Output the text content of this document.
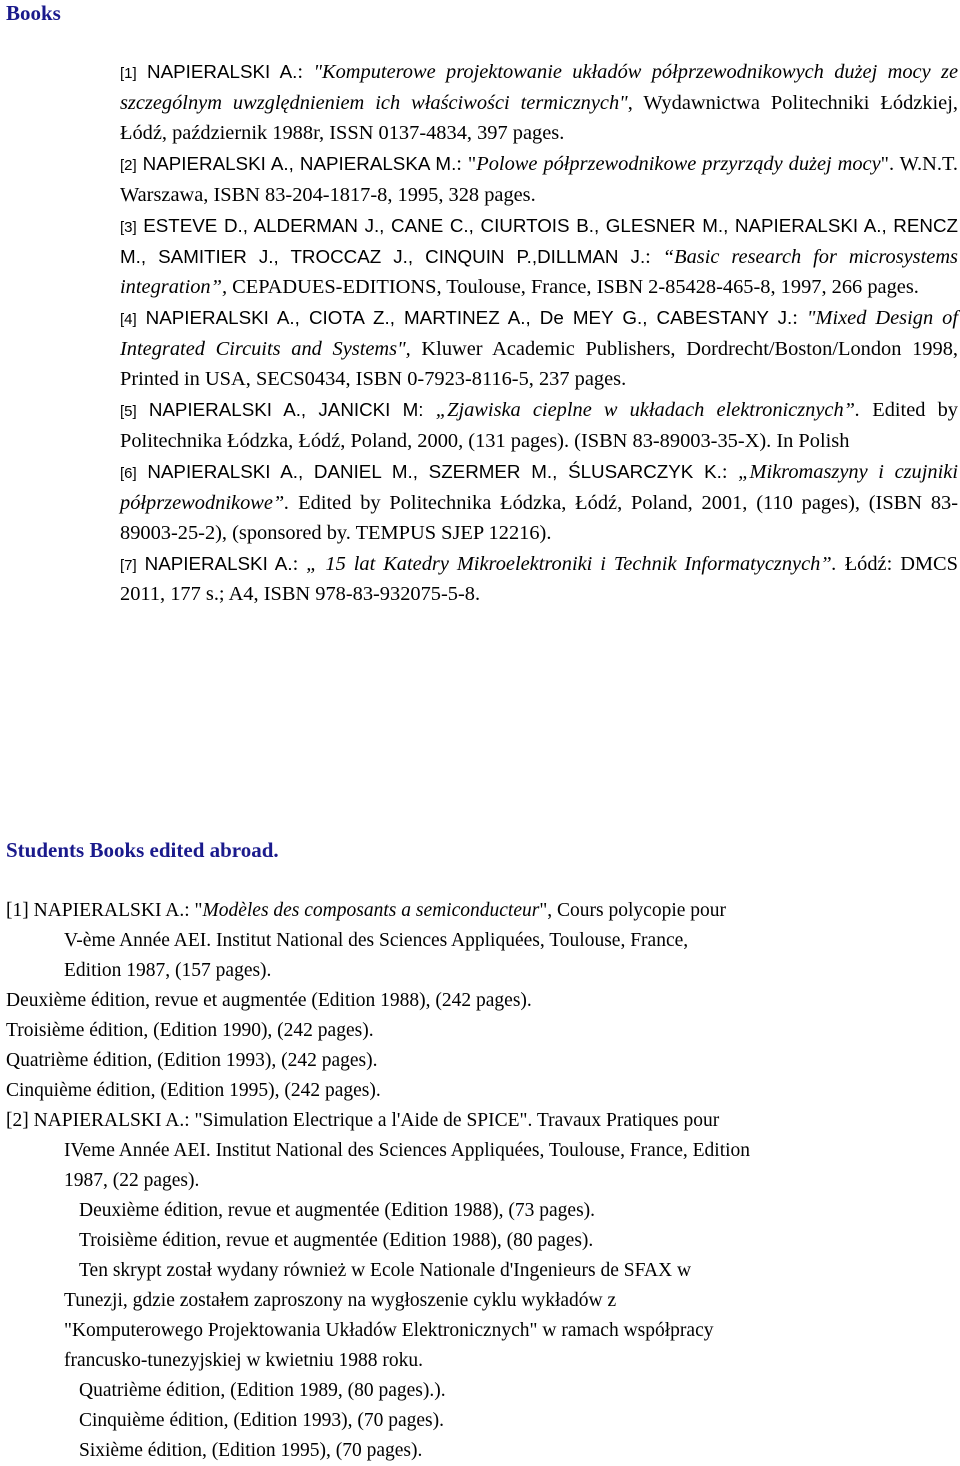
Books

[1] NAPIERALSKI A.: "Komputerowe projektowanie układów półprzewodnikowych dużej mocy ze szczególnym uwzględnieniem ich właściwości termicznych", Wydawnictwa Politechniki Łódzkiej, Łódź, październik 1988r, ISSN 0137-4834, 397 pages.

[2] NAPIERALSKI A., NAPIERALSKA M.: "Polowe półprzewodnikowe przyrządy dużej mocy". W.N.T. Warszawa, ISBN 83-204-1817-8, 1995, 328 pages.

[3] ESTEVE D., ALDERMAN J., CANE C., CIURTOIS B., GLESNER M., NAPIERALSKI A., RENCZ M., SAMITIER J., TROCCAZ J., CINQUIN P.,DILLMAN J.: “Basic research for microsystems integration”, CEPADUES-EDITIONS, Toulouse, France, ISBN 2-85428-465-8, 1997, 266 pages.

[4] NAPIERALSKI A., CIOTA Z., MARTINEZ A., De MEY G., CABESTANY J.: "Mixed Design of Integrated Circuits and Systems", Kluwer Academic Publishers, Dordrecht/Boston/London 1998, Printed in USA, SECS0434, ISBN 0-7923-8116-5, 237 pages.

[5] NAPIERALSKI A., JANICKI M: „Zjawiska cieplne w układach elektronicznych”. Edited by Politechnika Łódzka, Łódź, Poland, 2000, (131 pages). (ISBN 83-89003-35-X). In Polish

[6] NAPIERALSKI A., DANIEL M., SZERMER M., ŚLUSARCZYK K.: „Mikromaszyny i czujniki półprzewodnikowe”. Edited by Politechnika Łódzka, Łódź, Poland, 2001, (110 pages), (ISBN 83-89003-25-2), (sponsored by. TEMPUS SJEP 12216).

[7] NAPIERALSKI A.: „ 15 lat Katedry Mikroelektroniki i Technik Informatycznych”. Łódź: DMCS 2011, 177 s.; A4, ISBN 978-83-932075-5-8.

Students Books edited abroad.
[1] NAPIERALSKI A.: "Modèles des composants a semiconducteur", Cours polycopie pour
V-ème Année AEI. Institut National des Sciences Appliquées, Toulouse, France,
Edition 1987, (157 pages).
Deuxième édition, revue et augmentée (Edition 1988), (242 pages).
Troisième édition, (Edition 1990), (242 pages).
Quatrième édition, (Edition 1993), (242 pages).
Cinquième édition, (Edition 1995), (242 pages).
[2] NAPIERALSKI A.: "Simulation Electrique a l'Aide de SPICE". Travaux Pratiques pour
IVeme Année AEI. Institut National des Sciences Appliquées, Toulouse, France, Edition
1987, (22 pages).
Deuxième édition, revue et augmentée (Edition 1988), (73 pages).
Troisième édition, revue et augmentée (Edition 1988), (80 pages).
Ten skrypt został wydany również w Ecole Nationale d'Ingenieurs de SFAX w
Tunezji, gdzie zostałem zaproszony na wygłoszenie cyklu wykładów z
"Komputerowego Projektowania Układów Elektronicznych" w ramach współpracy
francusko-tunezyjskiej w kwietniu 1988 roku.
Quatrième édition, (Edition 1989, (80 pages).).
Cinquième édition, (Edition 1993), (70 pages).
Sixième édition, (Edition 1995), (70 pages).
